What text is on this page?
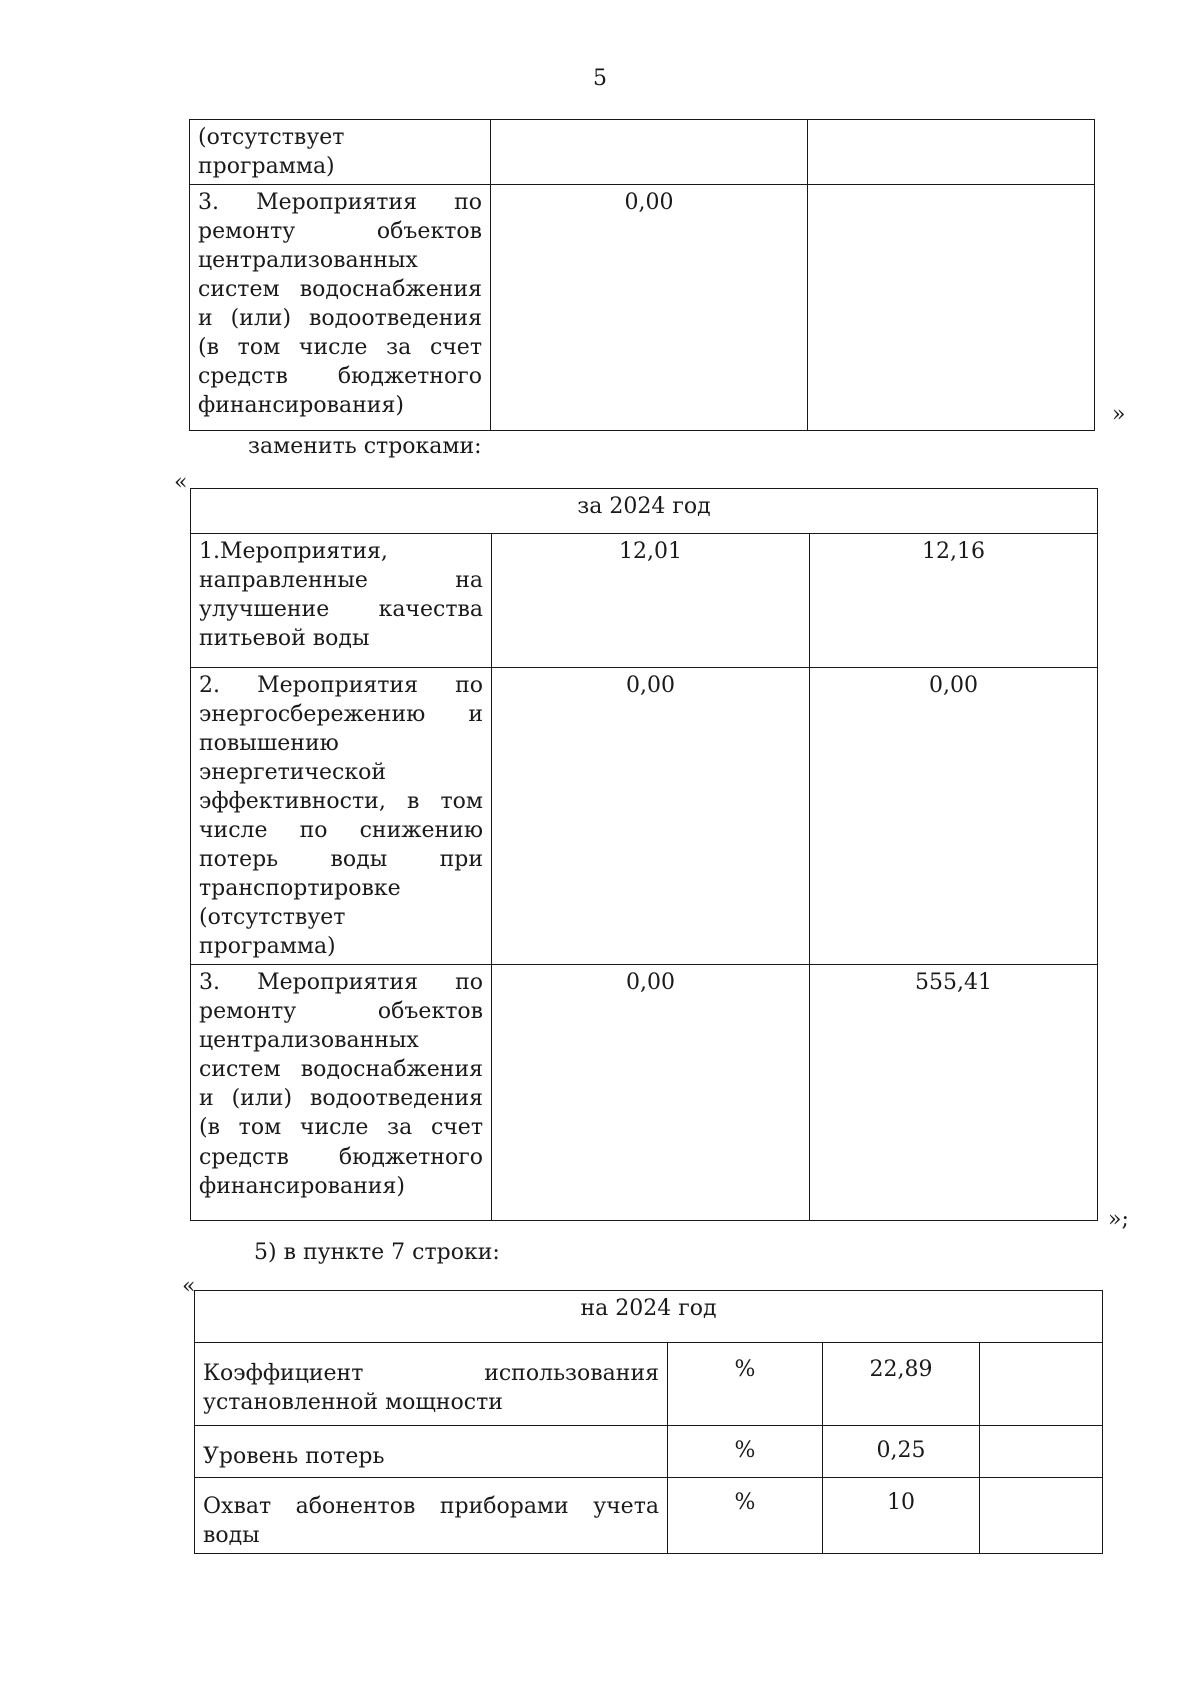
5
(отсутствует программа)		
3. Мероприятия по ремонту объектов централизованных систем водоснабжения и (или) водоотведения (в том числе за счет средств бюджетного финансирования)	0,00	
»
заменить строками:
«
за 2024 год		
1.Мероприятия, направленные на улучшение качества питьевой воды	12,01	12,16
2. Мероприятия по энергосбережению и повышению энергетической эффективности, в том числе по снижению потерь воды при транспортировке (отсутствует программа)	0,00	0,00
3. Мероприятия по ремонту объектов централизованных систем водоснабжения и (или) водоотведения (в том числе за счет средств бюджетного финансирования)	0,00	555,41
»;
5) в пункте 7 строки:
«
на 2024 год			
Коэффициент использования установленной мощности	%	22,89	
Уровень потерь	%	0,25	
Охват абонентов приборами учета воды	%	10	
